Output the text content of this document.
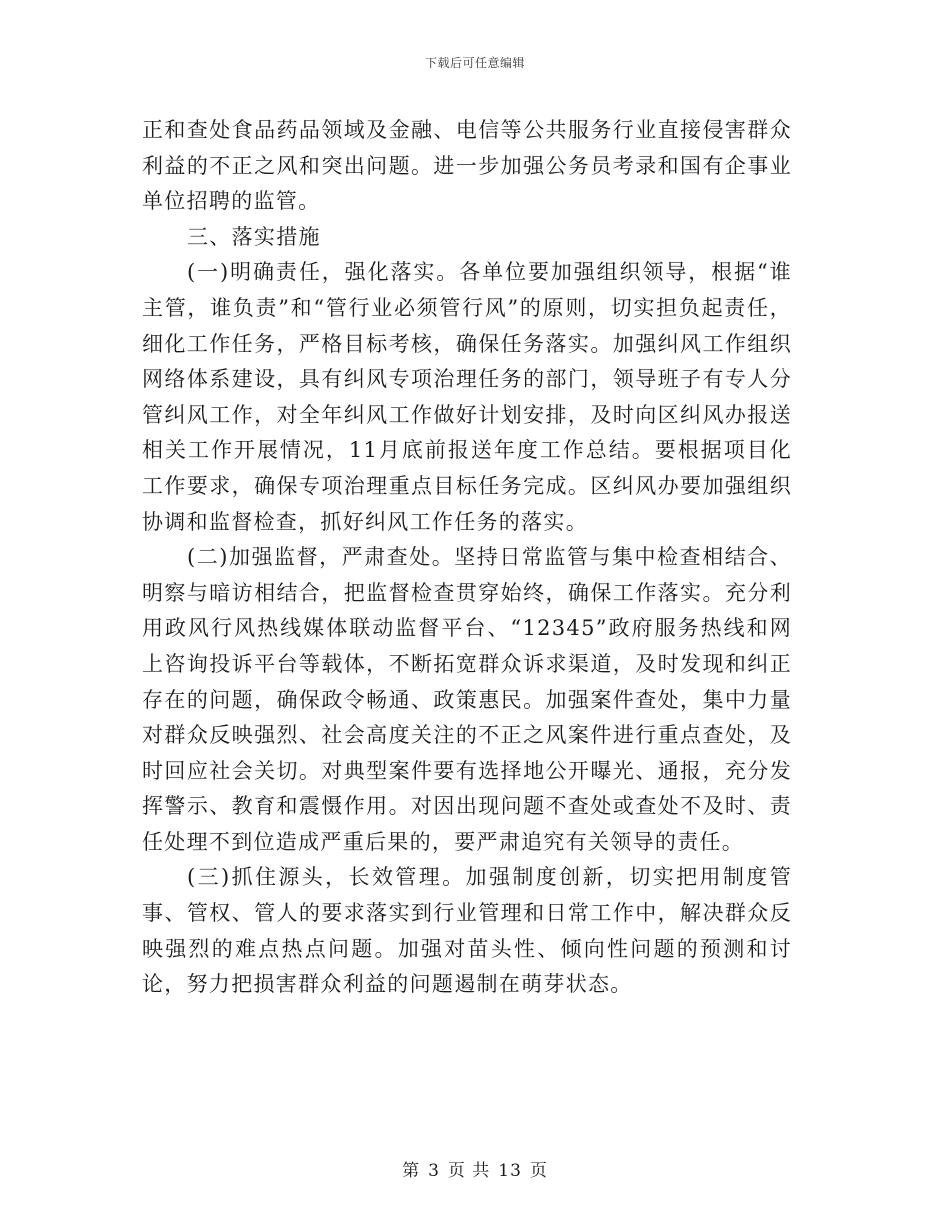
下载后可任意编辑

正和查处食品药品领域及金融、电信等公共服务行业直接侵害群众利益的不正之风和突出问题。进一步加强公务员考录和国有企事业单位招聘的监管。

三、落实措施

(一)明确责任，强化落实。各单位要加强组织领导，根据“谁主管，谁负责”和“管行业必须管行风”的原则，切实担负起责任，细化工作任务，严格目标考核，确保任务落实。加强纠风工作组织网络体系建设，具有纠风专项治理任务的部门，领导班子有专人分管纠风工作，对全年纠风工作做好计划安排，及时向区纠风办报送相关工作开展情况，11月底前报送年度工作总结。要根据项目化工作要求，确保专项治理重点目标任务完成。区纠风办要加强组织协调和监督检查，抓好纠风工作任务的落实。

(二)加强监督，严肃查处。坚持日常监管与集中检查相结合、明察与暗访相结合，把监督检查贯穿始终，确保工作落实。充分利用政风行风热线媒体联动监督平台、“12345”政府服务热线和网上咨询投诉平台等载体，不断拓宽群众诉求渠道，及时发现和纠正存在的问题，确保政令畅通、政策惠民。加强案件查处，集中力量对群众反映强烈、社会高度关注的不正之风案件进行重点查处，及时回应社会关切。对典型案件要有选择地公开曝光、通报，充分发挥警示、教育和震慑作用。对因出现问题不查处或查处不及时、责任处理不到位造成严重后果的，要严肃追究有关领导的责任。

(三)抓住源头，长效管理。加强制度创新，切实把用制度管事、管权、管人的要求落实到行业管理和日常工作中，解决群众反映强烈的难点热点问题。加强对苗头性、倾向性问题的预测和讨论，努力把损害群众利益的问题遏制在萌芽状态。

第 3 页 共 13 页
